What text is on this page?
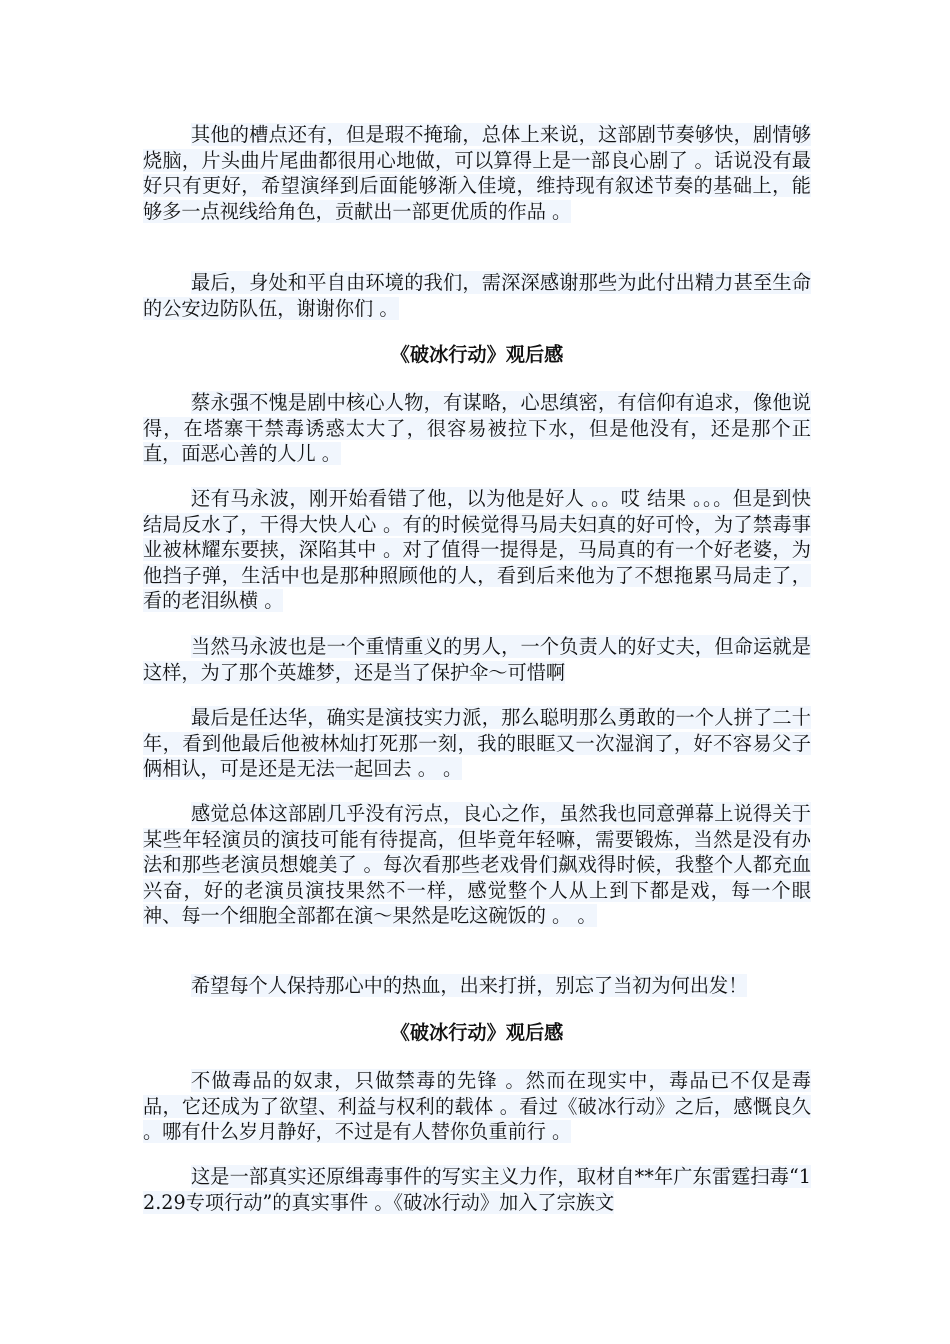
其他的槽点还有，但是瑕不掩瑜，总体上来说，这部剧节奏够快，剧情够烧脑，片头曲片尾曲都很用心地做，可以算得上是一部良心剧了 。话说没有最好只有更好，希望演绎到后面能够渐入佳境，维持现有叙述节奏的基础上，能够多一点视线给角色，贡献出一部更优质的作品 。

最后，身处和平自由环境的我们，需深深感谢那些为此付出精力甚至生命的公安边防队伍，谢谢你们 。

《破冰行动》观后感

蔡永强不愧是剧中核心人物，有谋略，心思缜密，有信仰有追求，像他说得，在塔寨干禁毒诱惑太大了，很容易被拉下水，但是他没有，还是那个正直，面恶心善的人儿 。

还有马永波，刚开始看错了他，以为他是好人 。。哎 结果 。。。但是到快结局反水了，干得大快人心 。有的时候觉得马局夫妇真的好可怜，为了禁毒事业被林耀东要挟，深陷其中 。对了值得一提得是，马局真的有一个好老婆，为他挡子弹，生活中也是那种照顾他的人，看到后来他为了不想拖累马局走了，看的老泪纵横 。

当然马永波也是一个重情重义的男人，一个负责人的好丈夫，但命运就是这样，为了那个英雄梦，还是当了保护伞～可惜啊

最后是任达华，确实是演技实力派，那么聪明那么勇敢的一个人拼了二十年，看到他最后他被林灿打死那一刻，我的眼眶又一次湿润了，好不容易父子俩相认，可是还是无法一起回去 。 。

感觉总体这部剧几乎没有污点，良心之作，虽然我也同意弹幕上说得关于某些年轻演员的演技可能有待提高，但毕竟年轻嘛，需要锻炼，当然是没有办法和那些老演员想媲美了 。每次看那些老戏骨们飙戏得时候，我整个人都充血兴奋，好的老演员演技果然不一样，感觉整个人从上到下都是戏，每一个眼神、每一个细胞全部都在演～果然是吃这碗饭的 。 。

希望每个人保持那心中的热血，出来打拼，别忘了当初为何出发！

《破冰行动》观后感

不做毒品的奴隶，只做禁毒的先锋 。然而在现实中，毒品已不仅是毒品，它还成为了欲望、利益与权利的载体 。看过《破冰行动》之后，感慨良久 。哪有什么岁月静好，不过是有人替你负重前行 。

这是一部真实还原缉毒事件的写实主义力作，取材自**年广东雷霆扫毒“12.29专项行动”的真实事件 。《破冰行动》加入了宗族文
